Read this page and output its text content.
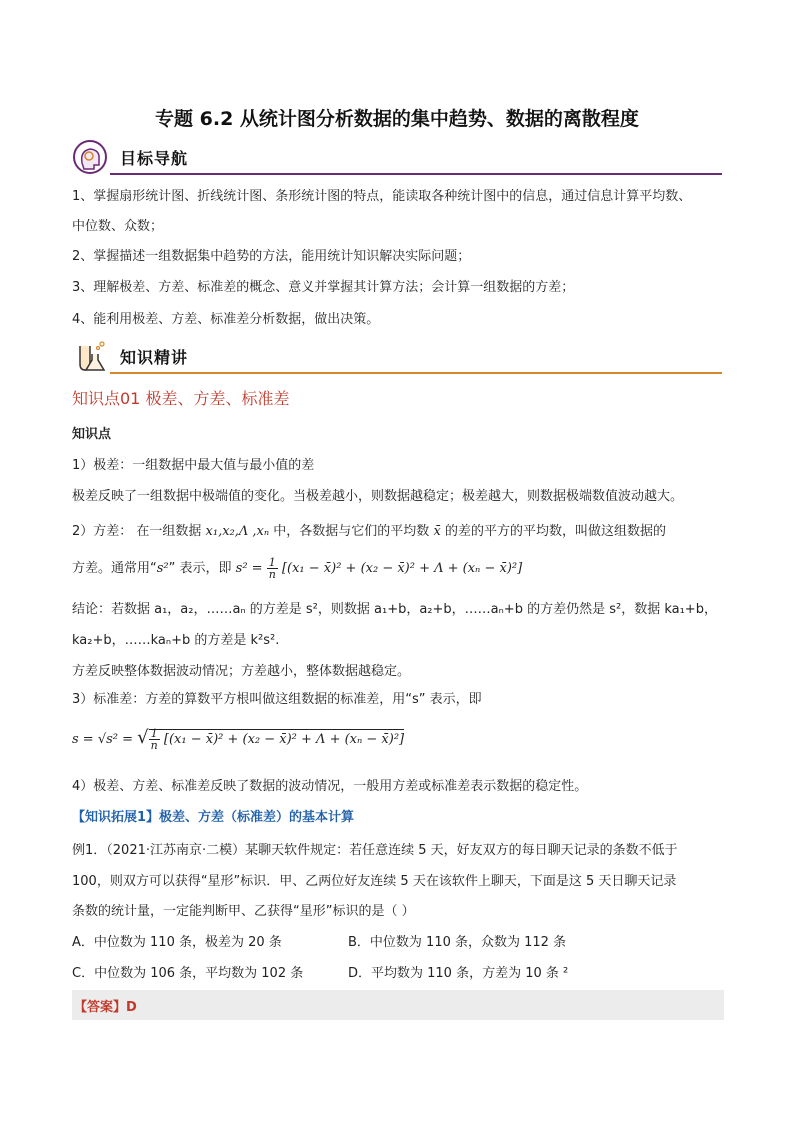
专题 6.2 从统计图分析数据的集中趋势、数据的离散程度
目标导航
1、掌握扇形统计图、折线统计图、条形统计图的特点，能读取各种统计图中的信息，通过信息计算平均数、
中位数、众数；
2、掌握描述一组数据集中趋势的方法，能用统计知识解决实际问题；
3、理解极差、方差、标准差的概念、意义并掌握其计算方法；会计算一组数据的方差；
4、能利用极差、方差、标准差分析数据，做出决策。
知识精讲
知识点01 极差、方差、标准差
知识点
1）极差：一组数据中最大值与最小值的差
极差反映了一组数据中极端值的变化。当极差越小，则数据越稳定；极差越大，则数据极端数值波动越大。
2）方差： 在一组数据 x₁,x₂,Λ ,xₙ 中，各数据与它们的平均数 x̄ 的差的平方的平均数，叫做这组数据的
方差。通常用“s²” 表示，即 $s^2 = \frac{1}{n} [(x_1$ − x̄)² + (x₂ − x̄)² + Λ + (xₙ − x̄)²]
结论：若数据 a₁，a₂，……aₙ 的方差是 s²，则数据 a₁+b，a₂+b，……aₙ+b 的方差仍然是 s²，数据 ka₁+b，
ka₂+b，……kaₙ+b 的方差是 k²s².
方差反映整体数据波动情况；方差越小，整体数据越稳定。
3）标准差：方差的算数平方根叫做这组数据的标准差，用“s” 表示，即
s = √s² = √ $\frac{1}{n} [(x_1$ − x̄)² + (x₂ − x̄)² + Λ + (xₙ − x̄)²]
4）极差、方差、标准差反映了数据的波动情况，一般用方差或标准差表示数据的稳定性。
【知识拓展1】极差、方差（标准差）的基本计算
例1．（2021·江苏南京·二模）某聊天软件规定：若任意连续 5 天，好友双方的每日聊天记录的条数不低于
100，则双方可以获得“星形”标识．甲、乙两位好友连续 5 天在该软件上聊天，下面是这 5 天日聊天记录
条数的统计量，一定能判断甲、乙获得“星形”标识的是（ ）
A．中位数为 110 条，极差为 20 条	B．中位数为 110 条，众数为 112 条
C．中位数为 106 条，平均数为 102 条	D．平均数为 110 条，方差为 10 条 ²
【答案】D
